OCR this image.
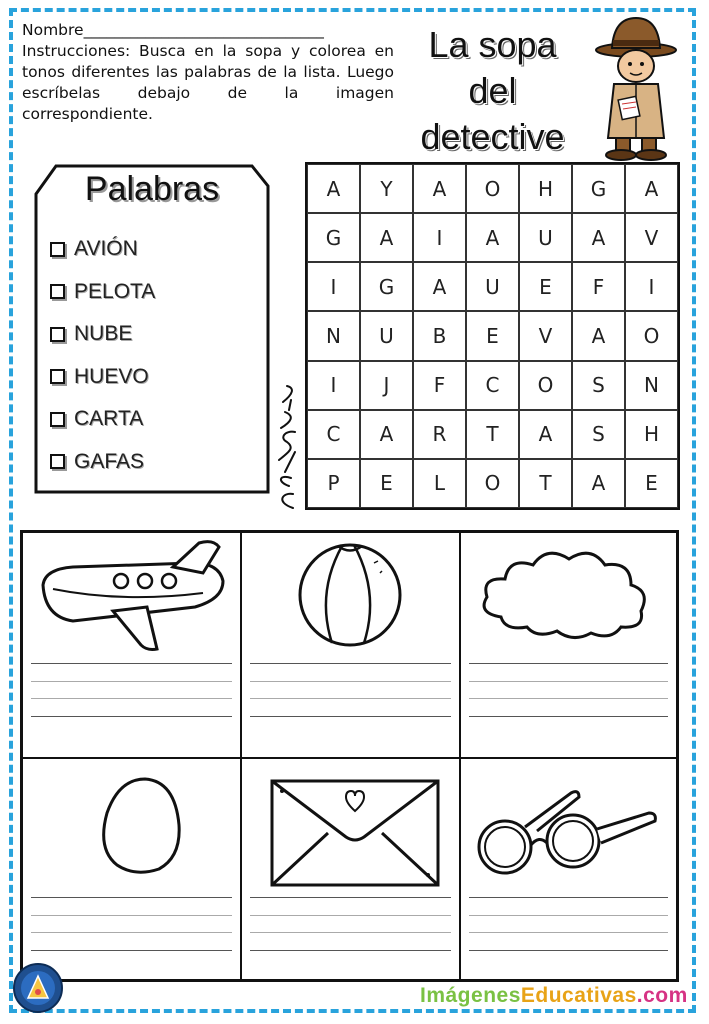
Nombre_______________________________
Instrucciones: Busca en la sopa y colorea en tonos diferentes las palabras de la lista. Luego escríbelas debajo de la imagen correspondiente.
La sopa
del
detective
Palabras
AVIÓN
PELOTA
NUBE
HUEVO
CARTA
GAFAS
A	Y	A	O	H	G	A
G	A	I	A	U	A	V
I	G	A	U	E	F	I
N	U	B	E	V	A	O
I	J	F	C	O	S	N
C	A	R	T	A	S	H
P	E	L	O	T	A	E
ImágenesEducativas.com
